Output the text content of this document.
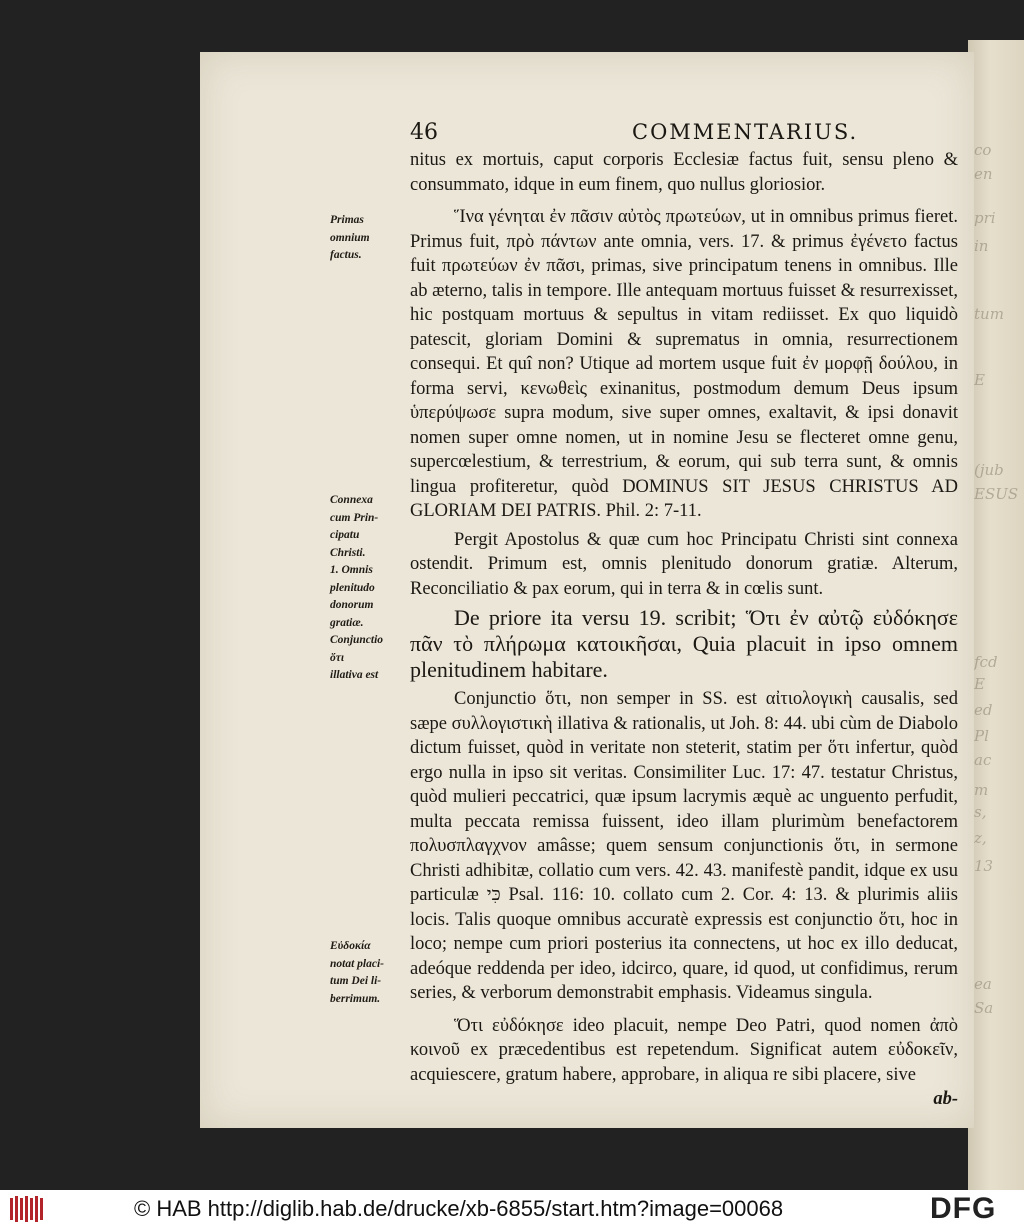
co
en
pri
in
tum
E
(jub
ESUS
fcd
E
ed
Pl
ac
m
s,
z,
13
ea
Sa
46	COMMENTARIUS.
Primas
omnium
factus.
Connexa
cum Prin-
cipatu
Christi.
1. Omnis
plenitudo
donorum
gratiæ.
Conjunctio
ὅτι
illativa est
Εὐδοκία
notat placi-
tum Dei li-
berrimum.

nitus ex mortuis, caput corporis Ecclesiæ factus fuit, sensu pleno & consummato, idque in eum finem, quo nullus gloriosior.

Ἵνα γένηται ἐν πᾶσιν αὐτὸς πρωτεύων, ut in omnibus primus fieret. Primus fuit, πρὸ πάντων ante omnia, vers. 17. & primus ἐγένετο factus fuit πρωτεύων ἐν πᾶσι, primas, sive principatum tenens in omnibus. Ille ab æterno, talis in tempore. Ille antequam mortuus fuisset & resurrexisset, hic postquam mortuus & sepultus in vitam rediisset. Ex quo liquidò patescit, gloriam Domini & suprematus in omnia, resurrectionem consequi. Et quî non? Utique ad mortem usque fuit ἐν μορφῇ δούλου, in forma servi, κενωθεὶς exinanitus, postmodum demum Deus ipsum ὑπερύψωσε supra modum, sive super omnes, exaltavit, & ipsi donavit nomen super omne nomen, ut in nomine Jesu se flecteret omne genu, supercœlestium, & terrestrium, & eorum, qui sub terra sunt, & omnis lingua profiteretur, quòd DOMINUS SIT JESUS CHRISTUS AD GLORIAM DEI PATRIS. Phil. 2: 7-11.

Pergit Apostolus & quæ cum hoc Principatu Christi sint connexa ostendit. Primum est, omnis plenitudo donorum gratiæ. Alterum, Reconciliatio & pax eorum, qui in terra & in cœlis sunt.

De priore ita versu 19. scribit; Ὅτι ἐν αὐτῷ εὐδόκησε πᾶν τὸ πλήρωμα κατοικῆσαι, Quia placuit in ipso omnem plenitudinem habitare.

Conjunctio ὅτι, non semper in SS. est αἰτιολογικὴ causalis, sed sæpe συλλογιστικὴ illativa & rationalis, ut Joh. 8: 44. ubi cùm de Diabolo dictum fuisset, quòd in veritate non steterit, statim per ὅτι infertur, quòd ergo nulla in ipso sit veritas. Consimiliter Luc. 17: 47. testatur Christus, quòd mulieri peccatrici, quæ ipsum lacrymis æquè ac unguento perfudit, multa peccata remissa fuissent, ideo illam plurimùm benefactorem πολυσπλαγχνον amâsse; quem sensum conjunctionis ὅτι, in sermone Christi adhibitæ, collatio cum vers. 42. 43. manifestè pandit, idque ex usu particulæ כִּי Psal. 116: 10. collato cum 2. Cor. 4: 13. & plurimis aliis locis. Talis quoque omnibus accuratè expressis est conjunctio ὅτι, hoc in loco; nempe cum priori posterius ita connectens, ut hoc ex illo deducat, adeóque reddenda per ideo, idcirco, quare, id quod, ut confidimus, rerum series, & verborum demonstrabit emphasis. Videamus singula.

Ὅτι εὐδόκησε ideo placuit, nempe Deo Patri, quod nomen ἀπὸ κοινοῦ ex præcedentibus est repetendum. Significat autem εὐδοκεῖν, acquiescere, gratum habere, approbare, in aliqua re sibi placere, sive

ab-

© HAB http://diglib.hab.de/drucke/xb-6855/start.htm?image=00068	DFG
